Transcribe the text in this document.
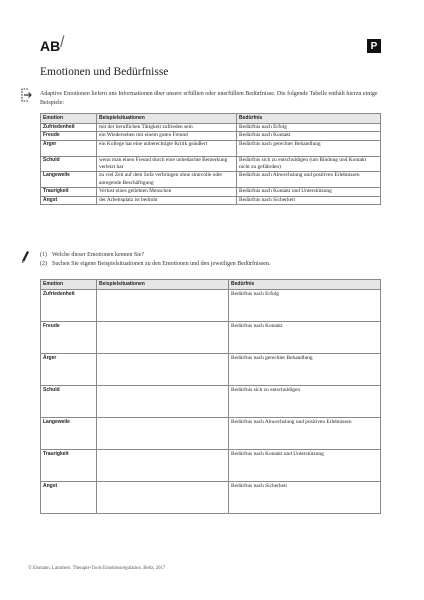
AB /	P
Emotionen und Bedürfnisse
Adaptive Emotionen liefern uns Informationen über unsere erfüllten oder unerfüllten Bedürfnisse. Die folgende Tabelle enthält hierzu einige Beispiele:
Emotion	Beispielsituationen	Bedürfnis
Zufriedenheit	mit der beruflichen Tätigkeit zufrieden sein	Bedürfnis nach Erfolg
Freude	ein Wiedersehen mit einem guten Freund	Bedürfnis nach Kontakt
Ärger	ein Kollege hat eine unberechtigte Kritik geäußert	Bedürfnis nach gerechter Behandlung
Schuld	wenn man einen Freund durch eine unbedachte Bemerkung verletzt hat	Bedürfnis sich zu entschuldigen (um Bindung und Kontakt nicht zu gefährden)
Langeweile	zu viel Zeit auf dem Sofa verbringen ohne sinnvolle oder anregende Beschäftigung	Bedürfnis nach Abwechslung und positiven Erlebnissen
Traurigkeit	Verlust eines geliebten Menschen	Bedürfnis nach Kontakt und Unterstützung
Angst	der Arbeitsplatz ist bedroht	Bedürfnis nach Sicherheit
(1) Welche dieser Emotionen kennen Sie?
(2) Suchen Sie eigene Beispielsituationen zu den Emotionen und den jeweiligen Bedürfnissen.
Emotion	Beispielsituationen	Bedürfnis
Zufriedenheit		Bedürfnis nach Erfolg
Freude		Bedürfnis nach Kontakt
Ärger		Bedürfnis nach gerechter Behandlung
Schuld		Bedürfnis sich zu entschuldigen
Langeweile		Bedürfnis nach Abwechslung und positiven Erlebnissen
Traurigkeit		Bedürfnis nach Kontakt und Unterstützung
Angst		Bedürfnis nach Sicherheit
© Eismann, Lammers: Therapie-Tools Emotionsregulation. Beltz, 2017
